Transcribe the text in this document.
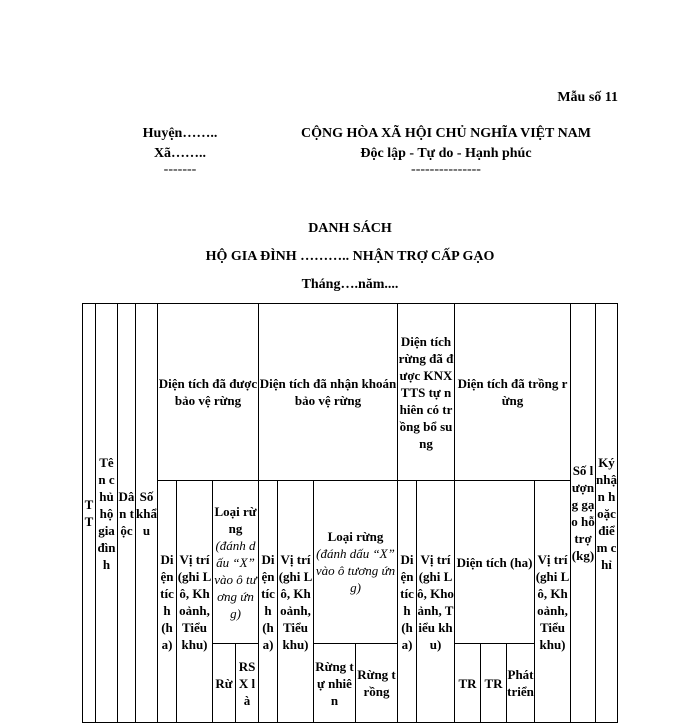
Mẫu số 11
Huyện……..
Xã……..
-------
CỘNG HÒA XÃ HỘI CHỦ NGHĨA VIỆT NAM
Độc lập - Tự do - Hạnh phúc
---------------
DANH SÁCH
HỘ GIA ĐÌNH ……….. NHẬN TRỢ CẤP GẠO
Tháng….năm....
TT
Tên chủ hộ gia đình
Dân tộc
Số khẩu
Diện tích đã được bảo vệ rừng
Diện tích (ha)
Vị trí (ghi Lô, Khoảnh, Tiểu khu)
Loại rừng
(đánh dấu “X” vào ô tương ứng)
Rừ
RSX là
Diện tích đã nhận khoán bảo vệ rừng
Diện tích (ha)
Vị trí (ghi Lô, Khoảnh, Tiểu khu)
Loại rừng
(đánh dấu “X” vào ô tương ứng)
Rừng tự nhiên
Rừng trồng
Diện tích rừng đã được KNXTTS tự nhiên có trồng bổ sung
Diện tích (ha)
Vị trí (ghi Lô, Khoảnh, Tiểu khu)
Diện tích đã trồng rừng
Diện tích (ha)
TR TR
Phát triển
Vị trí (ghi Lô, Khoảnh, Tiểu khu)
Số lượng gạo hỗ trợ (kg)
Ký nhận hoặc điểm chỉ
